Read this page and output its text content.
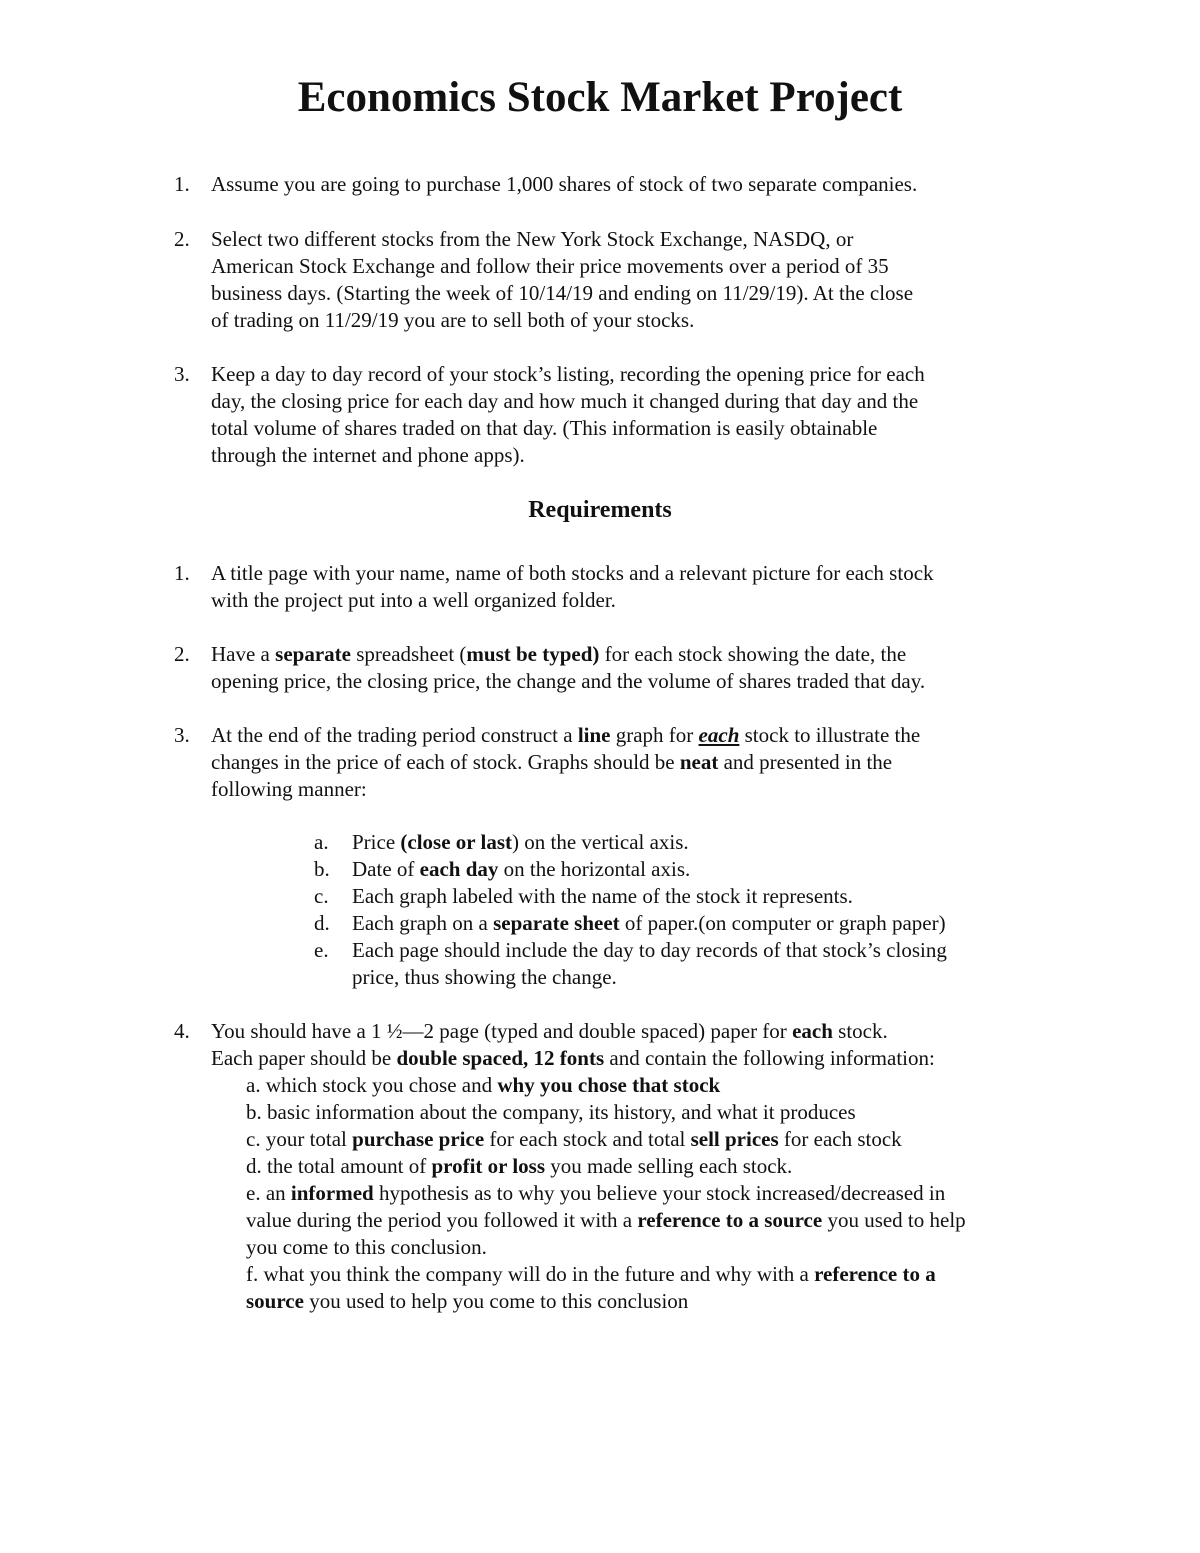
Economics Stock Market Project
1.	Assume you are going to purchase 1,000 shares of stock of two separate companies.
2.	Select two different stocks from the New York Stock Exchange, NASDQ, or
American Stock Exchange and follow their price movements over a period of 35
business days. (Starting the week of 10/14/19 and ending on 11/29/19). At the close
of trading on 11/29/19 you are to sell both of your stocks.
3.	Keep a day to day record of your stock’s listing, recording the opening price for each
day, the closing price for each day and how much it changed during that day and the
total volume of shares traded on that day. (This information is easily obtainable
through the internet and phone apps).
Requirements
1.	A title page with your name, name of both stocks and a relevant picture for each stock
with the project put into a well organized folder.
2.	Have a separate spreadsheet (must be typed) for each stock showing the date, the
opening price, the closing price, the change and the volume of shares traded that day.
3.	At the end of the trading period construct a line graph for each stock to illustrate the
changes in the price of each of stock. Graphs should be neat and presented in the
following manner:
a.	Price (close or last) on the vertical axis.
b.	Date of each day on the horizontal axis.
c.	Each graph labeled with the name of the stock it represents.
d.	Each graph on a separate sheet of paper.(on computer or graph paper)
e.	Each page should include the day to day records of that stock’s closing
price, thus showing the change.
4.	You should have a 1 ½—2 page (typed and double spaced) paper for each stock.
Each paper should be double spaced, 12 fonts and contain the following information:
a. which stock you chose and why you chose that stock
b. basic information about the company, its history, and what it produces
c. your total purchase price for each stock and total sell prices for each stock
d. the total amount of profit or loss you made selling each stock.
e. an informed hypothesis as to why you believe your stock increased/decreased in
value during the period you followed it with a reference to a source you used to help
you come to this conclusion.
f. what you think the company will do in the future and why with a reference to a
source you used to help you come to this conclusion
